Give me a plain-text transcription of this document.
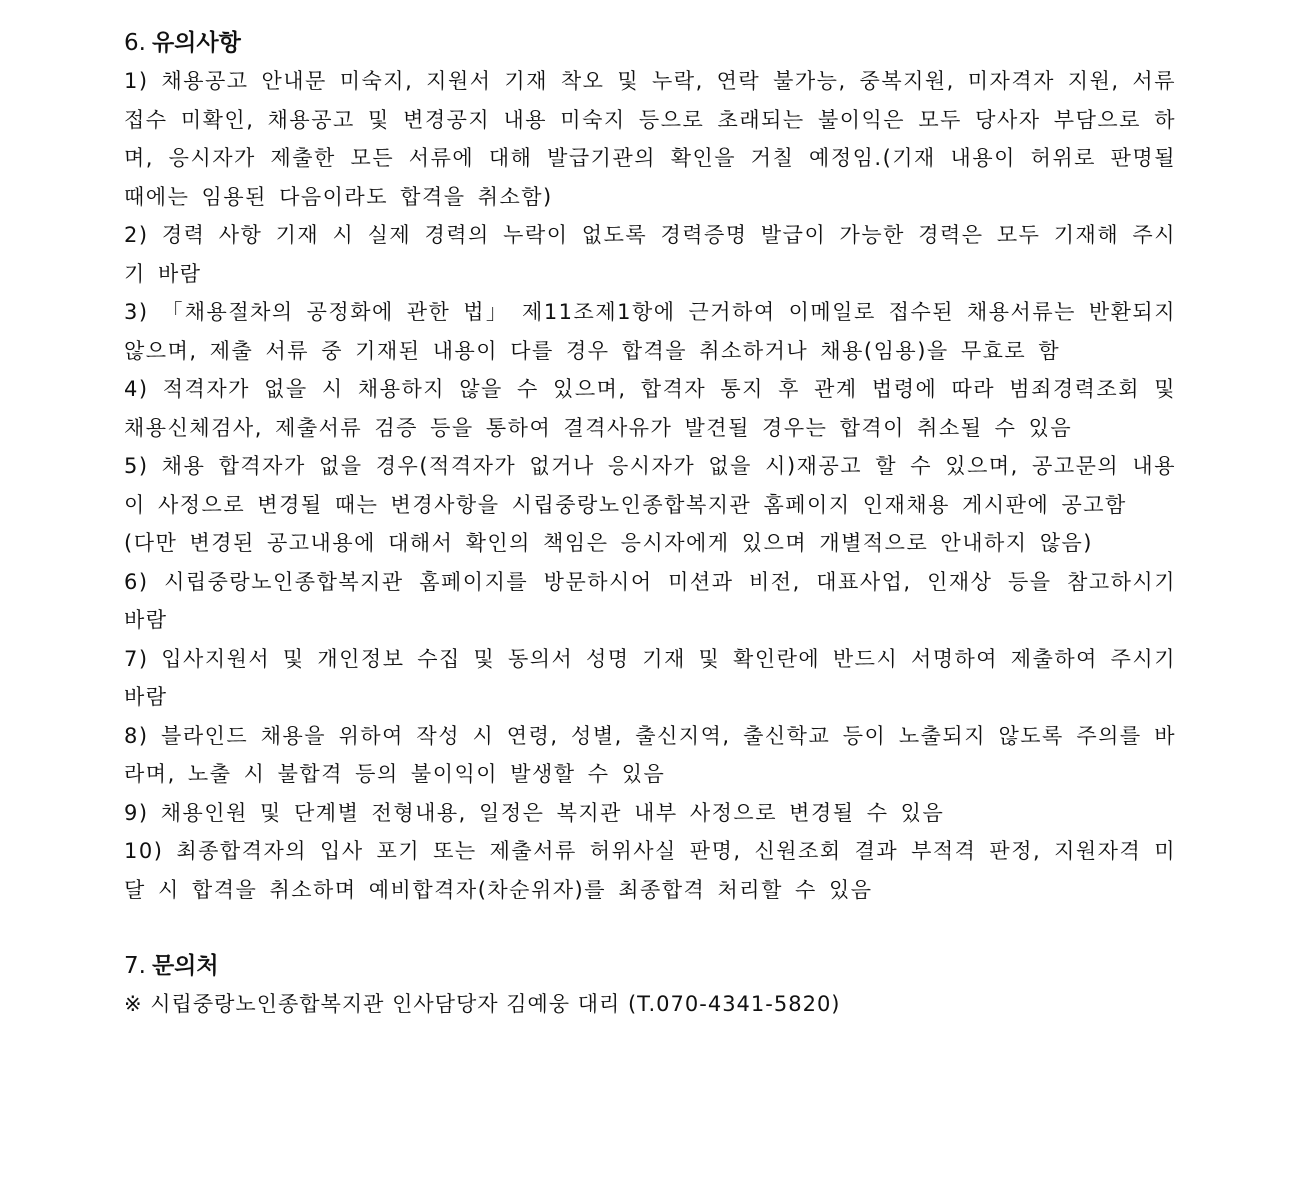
6. 유의사항

1) 채용공고 안내문 미숙지, 지원서 기재 착오 및 누락, 연락 불가능, 중복지원, 미자격자 지원, 서류 접수 미확인, 채용공고 및 변경공지 내용 미숙지 등으로 초래되는 불이익은 모두 당사자 부담으로 하며, 응시자가 제출한 모든 서류에 대해 발급기관의 확인을 거칠 예정임.(기재 내용이 허위로 판명될 때에는 임용된 다음이라도 합격을 취소함)

2) 경력 사항 기재 시 실제 경력의 누락이 없도록 경력증명 발급이 가능한 경력은 모두 기재해 주시기 바람

3) 「채용절차의 공정화에 관한 법」 제11조제1항에 근거하여 이메일로 접수된 채용서류는 반환되지 않으며, 제출 서류 중 기재된 내용이 다를 경우 합격을 취소하거나 채용(임용)을 무효로 함

4) 적격자가 없을 시 채용하지 않을 수 있으며, 합격자 통지 후 관계 법령에 따라 범죄경력조회 및 채용신체검사, 제출서류 검증 등을 통하여 결격사유가 발견될 경우는 합격이 취소될 수 있음

5) 채용 합격자가 없을 경우(적격자가 없거나 응시자가 없을 시)재공고 할 수 있으며, 공고문의 내용이 사정으로 변경될 때는 변경사항을 시립중랑노인종합복지관 홈페이지 인재채용 게시판에 공고함

(다만 변경된 공고내용에 대해서 확인의 책임은 응시자에게 있으며 개별적으로 안내하지 않음)

6) 시립중랑노인종합복지관 홈페이지를 방문하시어 미션과 비전, 대표사업, 인재상 등을 참고하시기 바람

7) 입사지원서 및 개인정보 수집 및 동의서 성명 기재 및 확인란에 반드시 서명하여 제출하여 주시기 바람

8) 블라인드 채용을 위하여 작성 시 연령, 성별, 출신지역, 출신학교 등이 노출되지 않도록 주의를 바라며, 노출 시 불합격 등의 불이익이 발생할 수 있음

9) 채용인원 및 단계별 전형내용, 일정은 복지관 내부 사정으로 변경될 수 있음

10) 최종합격자의 입사 포기 또는 제출서류 허위사실 판명, 신원조회 결과 부적격 판정, 지원자격 미달 시 합격을 취소하며 예비합격자(차순위자)를 최종합격 처리할 수 있음

7. 문의처

※ 시립중랑노인종합복지관 인사담당자 김예웅 대리 (T.070-4341-5820)
